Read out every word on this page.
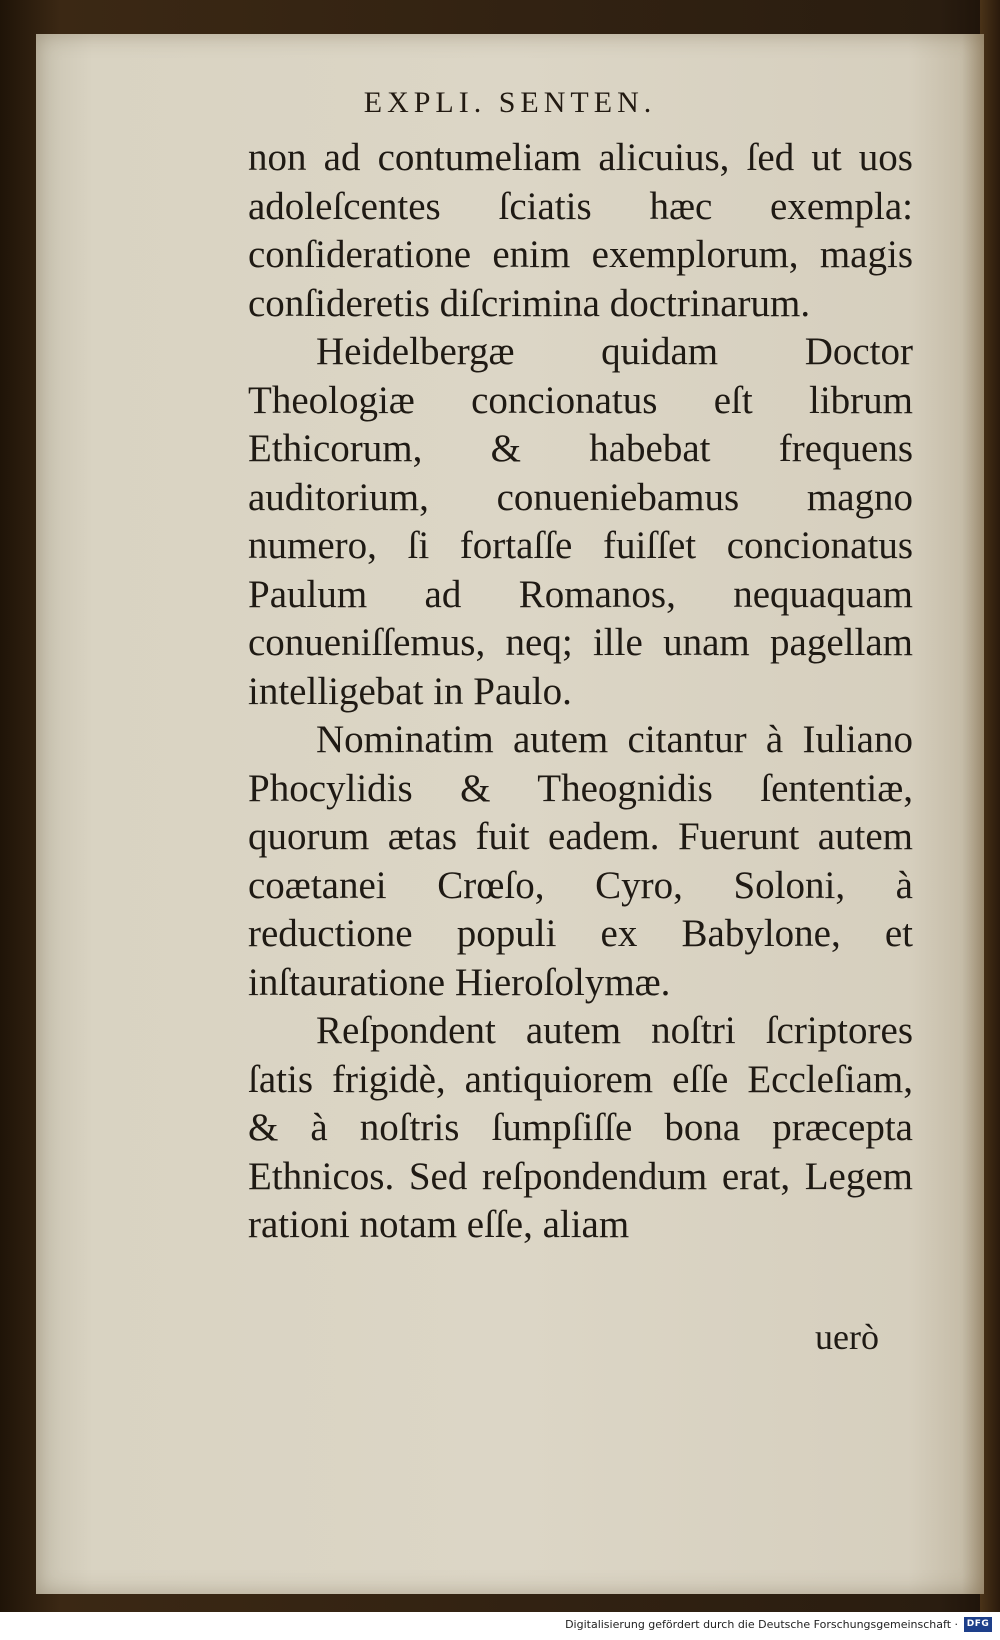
EXPLI. SENTEN.

non ad contumeliam alicuius, ſed ut uos adoleſcentes ſciatis hæc exempla: conſideratione enim exemplorum, magis conſideretis diſcrimina doctrinarum.

Heidelbergæ quidam Doctor Theologiæ concionatus eſt librum Ethicorum, & habebat frequens auditorium, conueniebamus magno numero, ſi fortaſſe fuiſſet concionatus Paulum ad Romanos, nequaquam conueniſſemus, neq; ille unam pagellam intelligebat in Paulo.

Nominatim autem citantur à Iuliano Phocylidis & Theognidis ſententiæ, quorum ætas fuit eadem. Fuerunt autem coætanei Crœſo, Cyro, Soloni, à reductione populi ex Babylone, et inſtauratione Hieroſolymæ.

Reſpondent autem noſtri ſcriptores ſatis frigidè, antiquiorem eſſe Eccleſiam, & à noſtris ſumpſiſſe bona præcepta Ethnicos. Sed reſpondendum erat, Legem rationi notam eſſe, aliam

uerò
Digitalisierung gefördert durch die Deutsche Forschungsgemeinschaft · DFG
